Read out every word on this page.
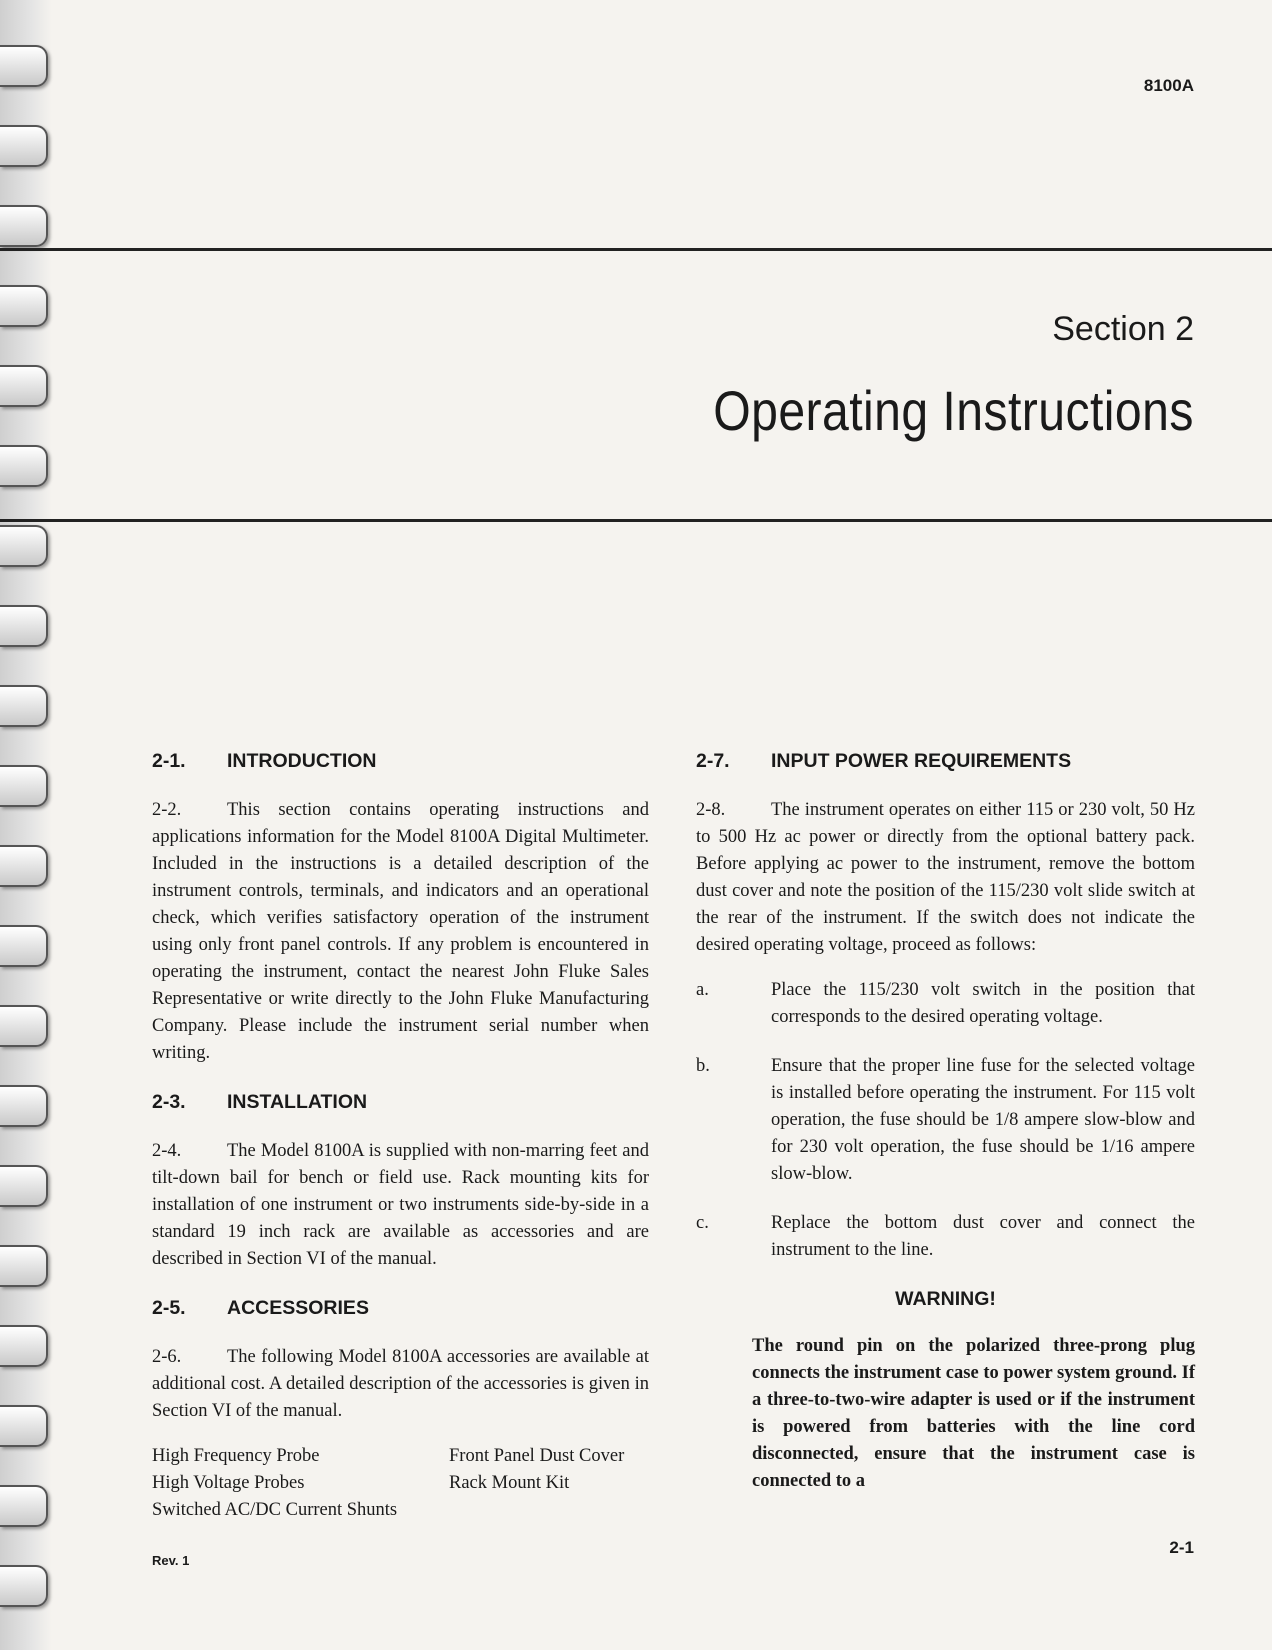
8100A
Section 2
Operating Instructions
2-1.	INTRODUCTION

2-2. This section contains operating instructions and applications information for the Model 8100A Digital Multimeter. Included in the instructions is a detailed description of the instrument controls, terminals, and indicators and an operational check, which verifies satisfactory operation of the instrument using only front panel controls. If any problem is encountered in operating the instrument, contact the nearest John Fluke Sales Representative or write directly to the John Fluke Manufacturing Company. Please include the instrument serial number when writing.

2-3.	INSTALLATION

2-4. The Model 8100A is supplied with non-marring feet and tilt-down bail for bench or field use. Rack mounting kits for installation of one instrument or two instruments side-by-side in a standard 19 inch rack are available as accessories and are described in Section VI of the manual.

2-5.	ACCESSORIES

2-6. The following Model 8100A accessories are available at additional cost. A detailed description of the accessories is given in Section VI of the manual.

High Frequency Probe	Front Panel Dust Cover
High Voltage Probes	Rack Mount Kit
Switched AC/DC Current Shunts
2-7.	INPUT POWER REQUIREMENTS

2-8. The instrument operates on either 115 or 230 volt, 50 Hz to 500 Hz ac power or directly from the optional battery pack. Before applying ac power to the instrument, remove the bottom dust cover and note the position of the 115/230 volt slide switch at the rear of the instrument. If the switch does not indicate the desired operating voltage, proceed as follows:

a.	Place the 115/230 volt switch in the position that corresponds to the desired operating voltage.
b.	Ensure that the proper line fuse for the selected voltage is installed before operating the instrument. For 115 volt operation, the fuse should be 1/8 ampere slow-blow and for 230 volt operation, the fuse should be 1/16 ampere slow-blow.
c.	Replace the bottom dust cover and connect the instrument to the line.
WARNING!
The round pin on the polarized three-prong plug connects the instrument case to power system ground. If a three-to-two-wire adapter is used or if the instrument is powered from batteries with the line cord disconnected, ensure that the instrument case is connected to a
Rev. 1
2-1
